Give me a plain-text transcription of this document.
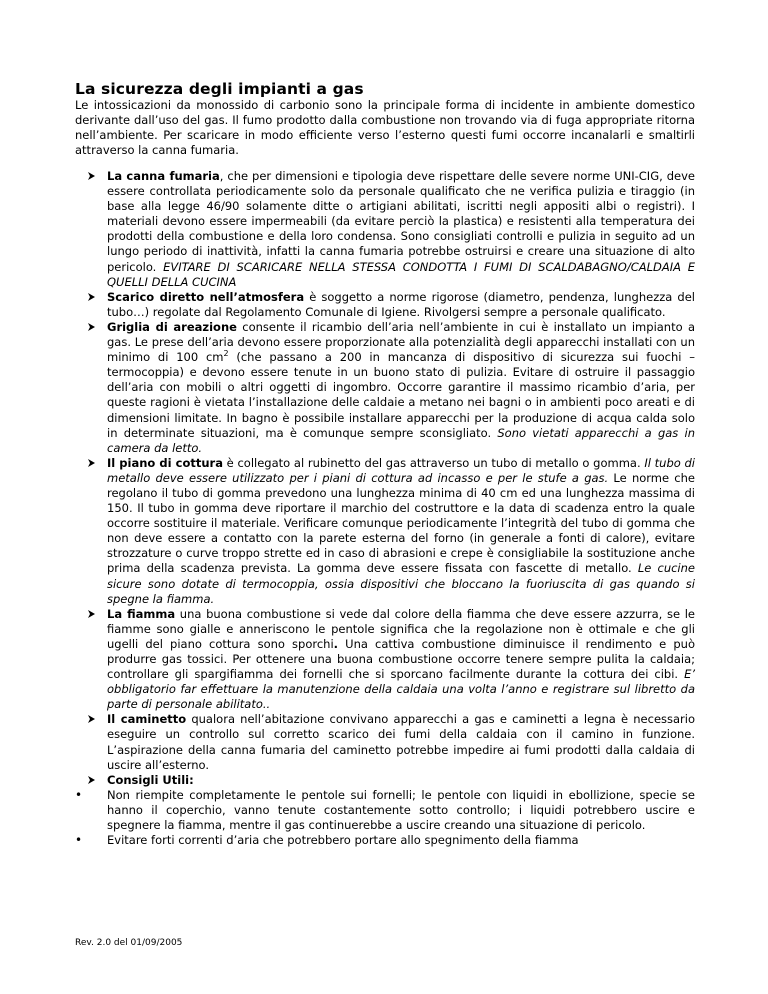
La sicurezza degli impianti a gas

Le intossicazioni da monossido di carbonio sono la principale forma di incidente in ambiente domestico derivante dall’uso del gas. Il fumo prodotto dalla combustione non trovando via di fuga appropriate ritorna nell’ambiente. Per scaricare in modo efficiente verso l’esterno questi fumi occorre incanalarli e smaltirli attraverso la canna fumaria.

La canna fumaria, che per dimensioni e tipologia deve rispettare delle severe norme UNI-CIG, deve essere controllata periodicamente solo da personale qualificato che ne verifica pulizia e tiraggio (in base alla legge 46/90 solamente ditte o artigiani abilitati, iscritti negli appositi albi o registri). I materiali devono essere impermeabili (da evitare perciò la plastica) e resistenti alla temperatura dei prodotti della combustione e della loro condensa. Sono consigliati controlli e pulizia in seguito ad un lungo periodo di inattività, infatti la canna fumaria potrebbe ostruirsi e creare una situazione di alto pericolo. EVITARE DI SCARICARE NELLA STESSA CONDOTTA I FUMI DI SCALDABAGNO/CALDAIA E QUELLI DELLA CUCINA
Scarico diretto nell’atmosfera è soggetto a norme rigorose (diametro, pendenza, lunghezza del tubo…) regolate dal Regolamento Comunale di Igiene. Rivolgersi sempre a personale qualificato.
Griglia di areazione consente il ricambio dell’aria nell’ambiente in cui è installato un impianto a gas. Le prese dell’aria devono essere proporzionate alla potenzialità degli apparecchi installati con un minimo di 100 $cm^2$ (che passano a 200 in mancanza di dispositivo di sicurezza sui fuochi – termocoppia) e devono essere tenute in un buono stato di pulizia. Evitare di ostruire il passaggio dell’aria con mobili o altri oggetti di ingombro. Occorre garantire il massimo ricambio d’aria, per queste ragioni è vietata l’installazione delle caldaie a metano nei bagni o in ambienti poco areati e di dimensioni limitate. In bagno è possibile installare apparecchi per la produzione di acqua calda solo in determinate situazioni, ma è comunque sempre sconsigliato. Sono vietati apparecchi a gas in camera da letto.
Il piano di cottura è collegato al rubinetto del gas attraverso un tubo di metallo o gomma. Il tubo di metallo deve essere utilizzato per i piani di cottura ad incasso e per le stufe a gas. Le norme che regolano il tubo di gomma prevedono una lunghezza minima di 40 cm ed una lunghezza massima di 150. Il tubo in gomma deve riportare il marchio del costruttore e la data di scadenza entro la quale occorre sostituire il materiale. Verificare comunque periodicamente l’integrità del tubo di gomma che non deve essere a contatto con la parete esterna del forno (in generale a fonti di calore), evitare strozzature o curve troppo strette ed in caso di abrasioni e crepe è consigliabile la sostituzione anche prima della scadenza prevista. La gomma deve essere fissata con fascette di metallo. Le cucine sicure sono dotate di termocoppia, ossia dispositivi che bloccano la fuoriuscita di gas quando si spegne la fiamma.
La fiamma una buona combustione si vede dal colore della fiamma che deve essere azzurra, se le fiamme sono gialle e anneriscono le pentole significa che la regolazione non è ottimale e che gli ugelli del piano cottura sono sporchi. Una cattiva combustione diminuisce il rendimento e può produrre gas tossici. Per ottenere una buona combustione occorre tenere sempre pulita la caldaia; controllare gli spargifiamma dei fornelli che si sporcano facilmente durante la cottura dei cibi. E’ obbligatorio far effettuare la manutenzione della caldaia una volta l’anno e registrare sul libretto da parte di personale abilitato..
Il caminetto qualora nell’abitazione convivano apparecchi a gas e caminetti a legna è necessario eseguire un controllo sul corretto scarico dei fumi della caldaia con il camino in funzione. L’aspirazione della canna fumaria del caminetto potrebbe impedire ai fumi prodotti dalla caldaia di uscire all’esterno.
Consigli Utili:
• Non riempite completamente le pentole sui fornelli; le pentole con liquidi in ebollizione, specie se hanno il coperchio, vanno tenute costantemente sotto controllo; i liquidi potrebbero uscire e spegnere la fiamma, mentre il gas continuerebbe a uscire creando una situazione di pericolo.
• Evitare forti correnti d’aria che potrebbero portare allo spegnimento della fiamma
Rev. 2.0 del 01/09/2005
